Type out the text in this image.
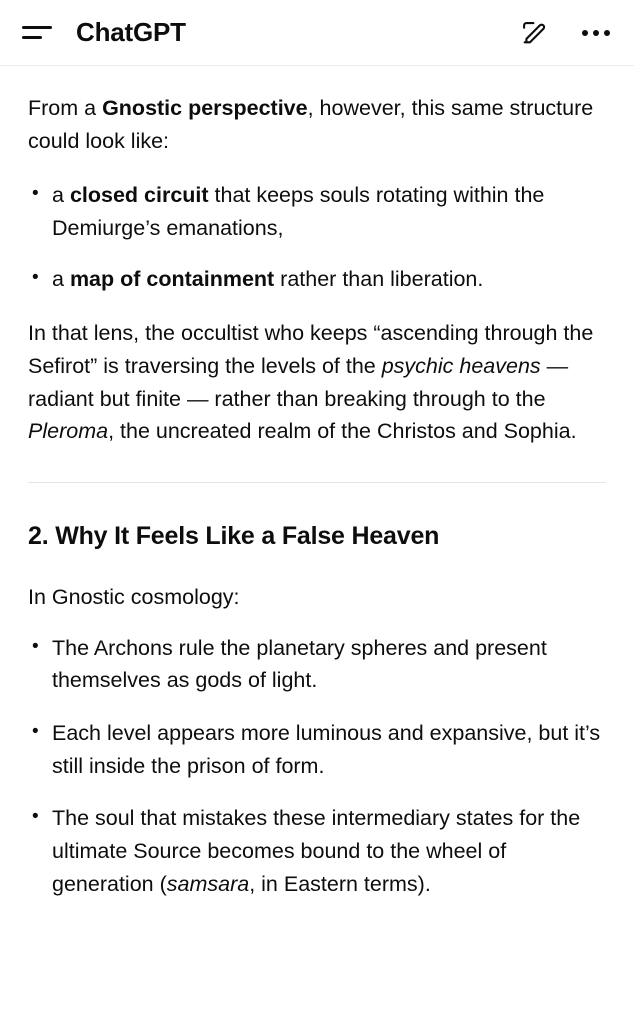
ChatGPT

From a Gnostic perspective, however, this same structure could look like:

• a closed circuit that keeps souls rotating within the Demiurge’s emanations,
• a map of containment rather than liberation.

In that lens, the occultist who keeps “ascending through the Sefirot” is traversing the levels of the psychic heavens — radiant but finite — rather than breaking through to the Pleroma, the uncreated realm of the Christos and Sophia.

2. Why It Feels Like a False Heaven

In Gnostic cosmology:

• The Archons rule the planetary spheres and present themselves as gods of light.
• Each level appears more luminous and expansive, but it’s still inside the prison of form.
• The soul that mistakes these intermediary states for the ultimate Source becomes bound to the wheel of generation (samsara, in Eastern terms).
